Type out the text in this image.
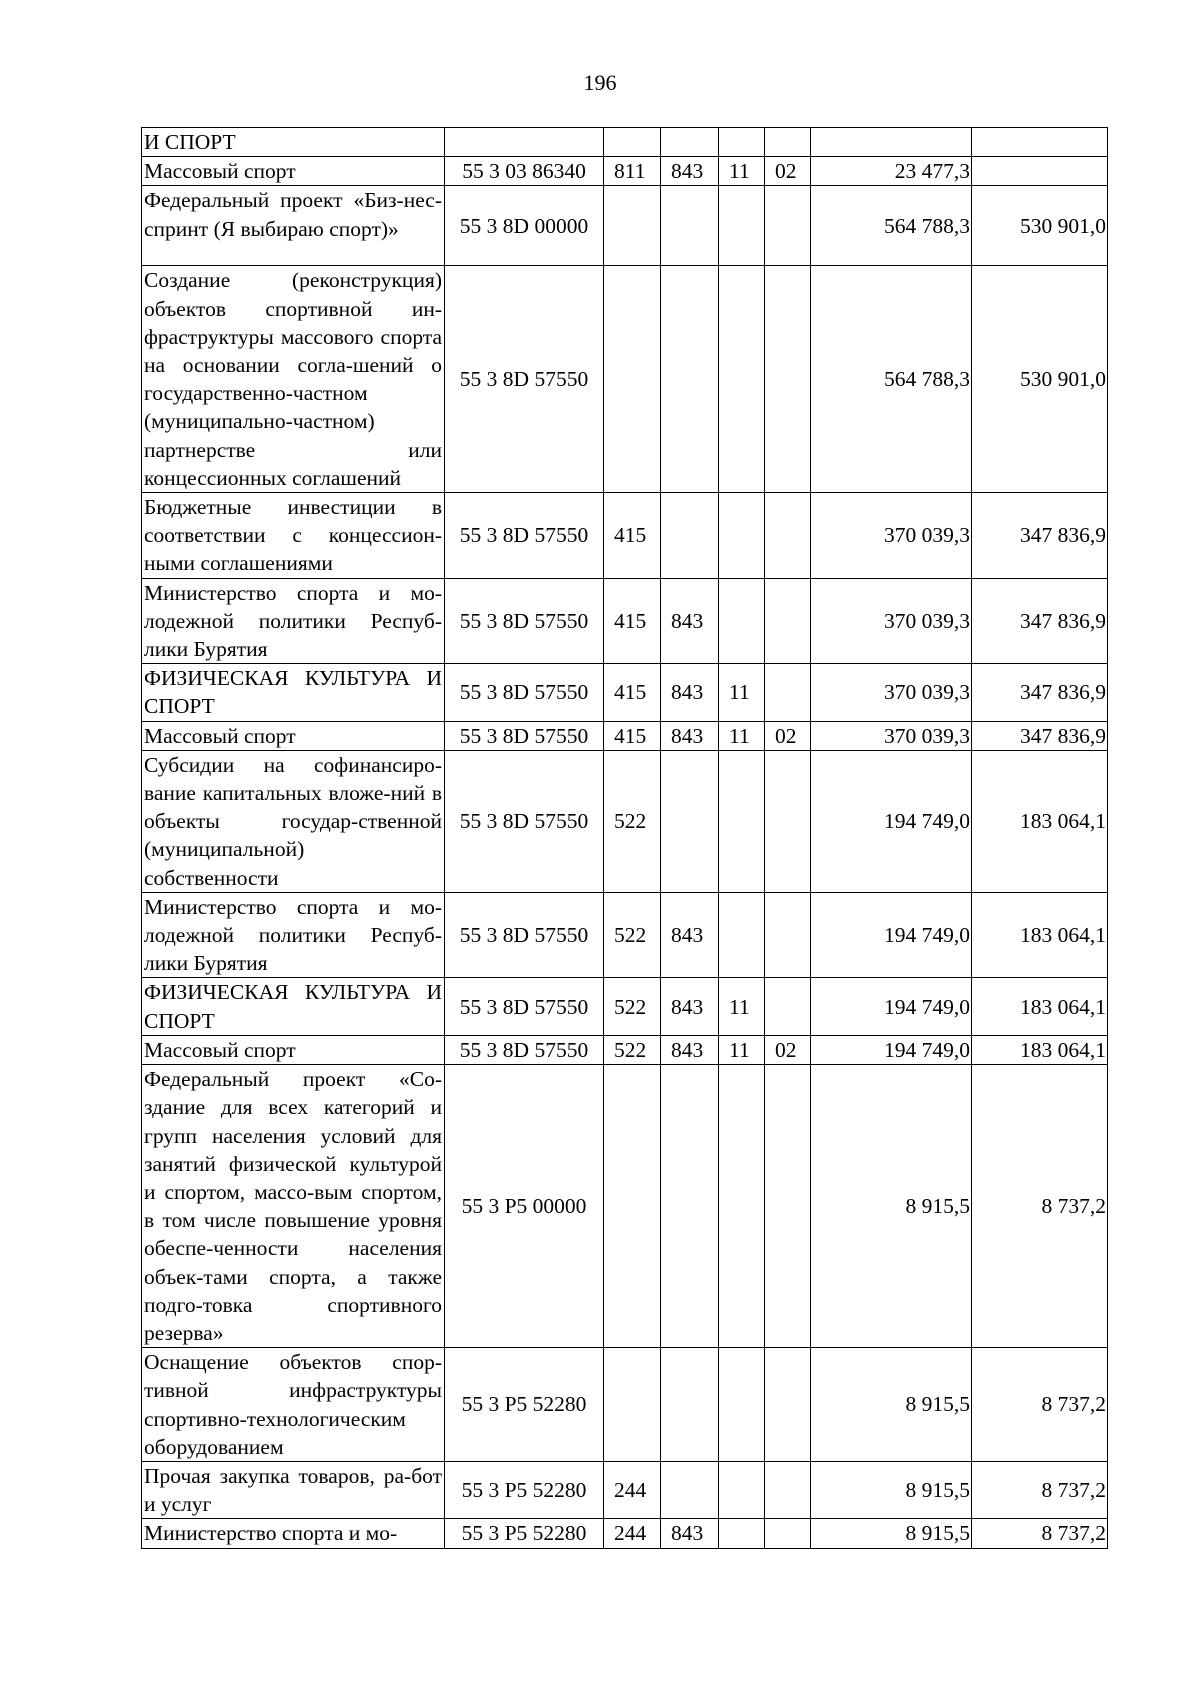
196
И СПОРТ							
Массовый спорт	55 3 03 86340	811	843	11	02	23 477,3	
Федеральный проект «Биз-нес-спринт (Я выбираю спорт)»	55 3 8D 00000					564 788,3	530 901,0
Создание (реконструкция) объектов спортивной ин-фраструктуры массового спорта на основании согла-шений о государственно-частном (муниципально-частном) партнерстве или концессионных соглашений	55 3 8D 57550					564 788,3	530 901,0
Бюджетные инвестиции в соответствии с концессион-ными соглашениями	55 3 8D 57550	415				370 039,3	347 836,9
Министерство спорта и мо-лодежной политики Респуб-лики Бурятия	55 3 8D 57550	415	843			370 039,3	347 836,9
ФИЗИЧЕСКАЯ КУЛЬТУРА И СПОРТ	55 3 8D 57550	415	843	11		370 039,3	347 836,9
Массовый спорт	55 3 8D 57550	415	843	11	02	370 039,3	347 836,9
Субсидии на софинансиро-вание капитальных вложе-ний в объекты государ-ственной (муниципальной) собственности	55 3 8D 57550	522				194 749,0	183 064,1
Министерство спорта и мо-лодежной политики Респуб-лики Бурятия	55 3 8D 57550	522	843			194 749,0	183 064,1
ФИЗИЧЕСКАЯ КУЛЬТУРА И СПОРТ	55 3 8D 57550	522	843	11		194 749,0	183 064,1
Массовый спорт	55 3 8D 57550	522	843	11	02	194 749,0	183 064,1
Федеральный проект «Со-здание для всех категорий и групп населения условий для занятий физической культурой и спортом, массо-вым спортом, в том числе повышение уровня обеспе-ченности населения объек-тами спорта, а также подго-товка спортивного резерва»	55 3 P5 00000					8 915,5	8 737,2
Оснащение объектов спор-тивной инфраструктуры спортивно-технологическим оборудованием	55 3 P5 52280					8 915,5	8 737,2
Прочая закупка товаров, ра-бот и услуг	55 3 P5 52280	244				8 915,5	8 737,2
Министерство спорта и мо-	55 3 P5 52280	244	843			8 915,5	8 737,2
